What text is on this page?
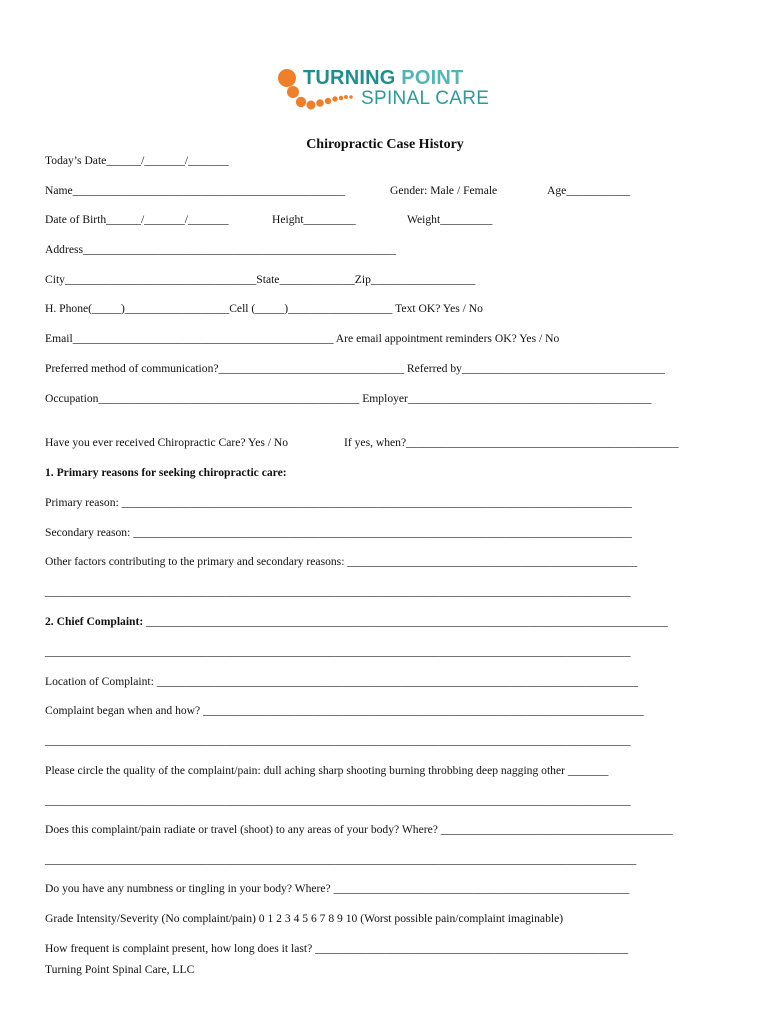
TURNING POINT
SPINAL CARE
Chiropractic Case History
Today’s Date______/_______/_______
Name_______________________________________________	Gender: Male / Female	Age___________
Date of Birth______/_______/_______	Height_________	Weight_________
Address______________________________________________________
City_________________________________State_____________Zip__________________
H. Phone(_____)__________________Cell (_____)__________________ Text OK? Yes / No
Email_____________________________________________ Are email appointment reminders OK? Yes / No
Preferred method of communication?________________________________ Referred by___________________________________
Occupation_____________________________________________ Employer__________________________________________
Have you ever received Chiropractic Care? Yes / No	If yes, when?_______________________________________________
1. Primary reasons for seeking chiropractic care:
Primary reason: ________________________________________________________________________________________
Secondary reason: ______________________________________________________________________________________
Other factors contributing to the primary and secondary reasons: __________________________________________________
_____________________________________________________________________________________________________
2. Chief Complaint: __________________________________________________________________________________________
_____________________________________________________________________________________________________
Location of Complaint: ___________________________________________________________________________________
Complaint began when and how? ____________________________________________________________________________
_____________________________________________________________________________________________________
Please circle the quality of the complaint/pain: dull aching sharp shooting burning throbbing deep nagging other _______
_____________________________________________________________________________________________________
Does this complaint/pain radiate or travel (shoot) to any areas of your body? Where? ________________________________________
______________________________________________________________________________________________________
Do you have any numbness or tingling in your body? Where? ___________________________________________________
Grade Intensity/Severity (No complaint/pain) 0 1 2 3 4 5 6 7 8 9 10 (Worst possible pain/complaint imaginable)
How frequent is complaint present, how long does it last? ______________________________________________________
Turning Point Spinal Care, LLC
